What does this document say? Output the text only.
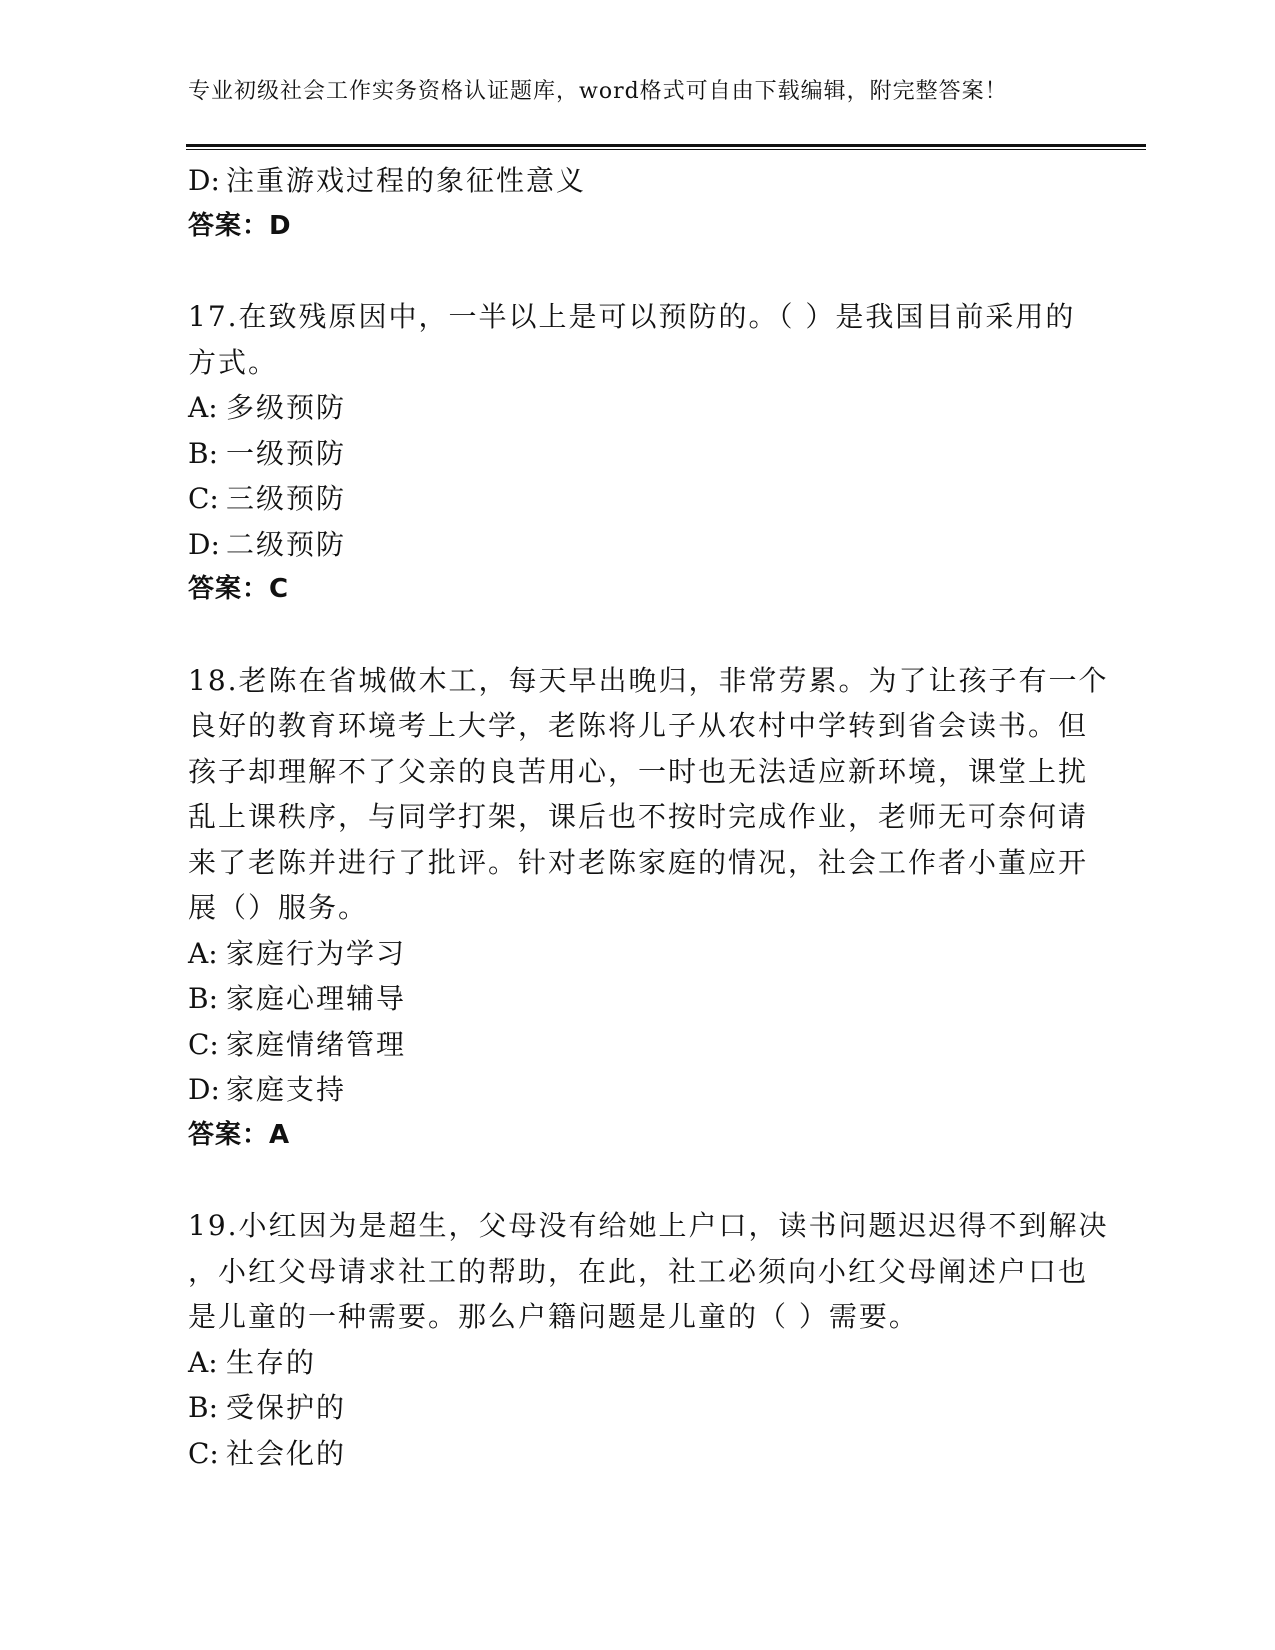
专业初级社会工作实务资格认证题库，word格式可自由下载编辑，附完整答案！
D: 注重游戏过程的象征性意义
答案：D
17.在致残原因中，一半以上是可以预防的。（ ）是我国目前采用的
方式。
A: 多级预防
B: 一级预防
C: 三级预防
D: 二级预防
答案：C
18.老陈在省城做木工，每天早出晚归，非常劳累。为了让孩子有一个
良好的教育环境考上大学，老陈将儿子从农村中学转到省会读书。但
孩子却理解不了父亲的良苦用心，一时也无法适应新环境，课堂上扰
乱上课秩序，与同学打架，课后也不按时完成作业，老师无可奈何请
来了老陈并进行了批评。针对老陈家庭的情况，社会工作者小董应开
展（）服务。
A: 家庭行为学习
B: 家庭心理辅导
C: 家庭情绪管理
D: 家庭支持
答案：A
19.小红因为是超生，父母没有给她上户口，读书问题迟迟得不到解决
，小红父母请求社工的帮助，在此，社工必须向小红父母阐述户口也
是儿童的一种需要。那么户籍问题是儿童的（ ）需要。
A: 生存的
B: 受保护的
C: 社会化的
